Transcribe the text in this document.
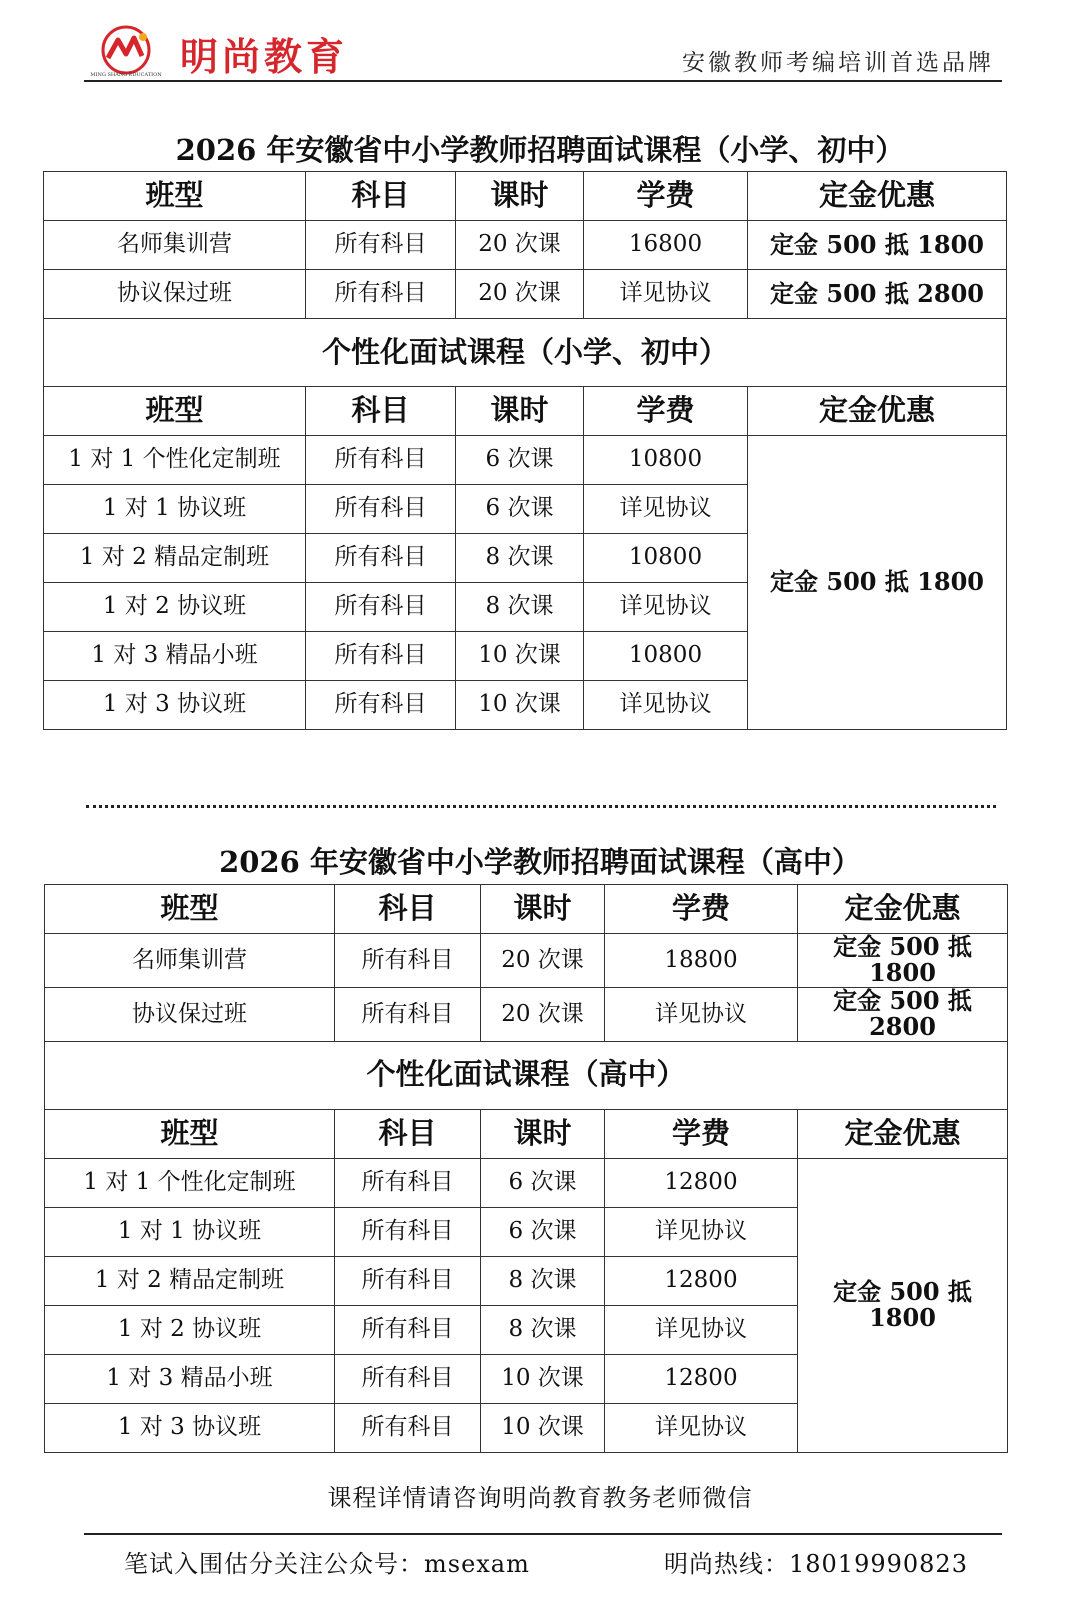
MING SHANG EDUCATION 明尚教育	安徽教师考编培训首选品牌
2026 年安徽省中小学教师招聘面试课程（小学、初中）
班型	科目	课时	学费	定金优惠
名师集训营	所有科目	20 次课	16800	定金 500 抵 1800
协议保过班	所有科目	20 次课	详见协议	定金 500 抵 2800
个性化面试课程（小学、初中）				
班型	科目	课时	学费	定金优惠
1 对 1 个性化定制班	所有科目	6 次课	10800	定金 500 抵 1800
1 对 1 协议班	所有科目	6 次课	详见协议	
1 对 2 精品定制班	所有科目	8 次课	10800	
1 对 2 协议班	所有科目	8 次课	详见协议	
1 对 3 精品小班	所有科目	10 次课	10800	
1 对 3 协议班	所有科目	10 次课	详见协议	
2026 年安徽省中小学教师招聘面试课程（高中）
班型	科目	课时	学费	定金优惠
名师集训营	所有科目	20 次课	18800	定金 500 抵 1800
协议保过班	所有科目	20 次课	详见协议	定金 500 抵 2800
个性化面试课程（高中）				
班型	科目	课时	学费	定金优惠
1 对 1 个性化定制班	所有科目	6 次课	12800	定金 500 抵 1800
1 对 1 协议班	所有科目	6 次课	详见协议	
1 对 2 精品定制班	所有科目	8 次课	12800	
1 对 2 协议班	所有科目	8 次课	详见协议	
1 对 3 精品小班	所有科目	10 次课	12800	
1 对 3 协议班	所有科目	10 次课	详见协议	
课程详情请咨询明尚教育教务老师微信
笔试入围估分关注公众号：mseхam	明尚热线：18019990823
